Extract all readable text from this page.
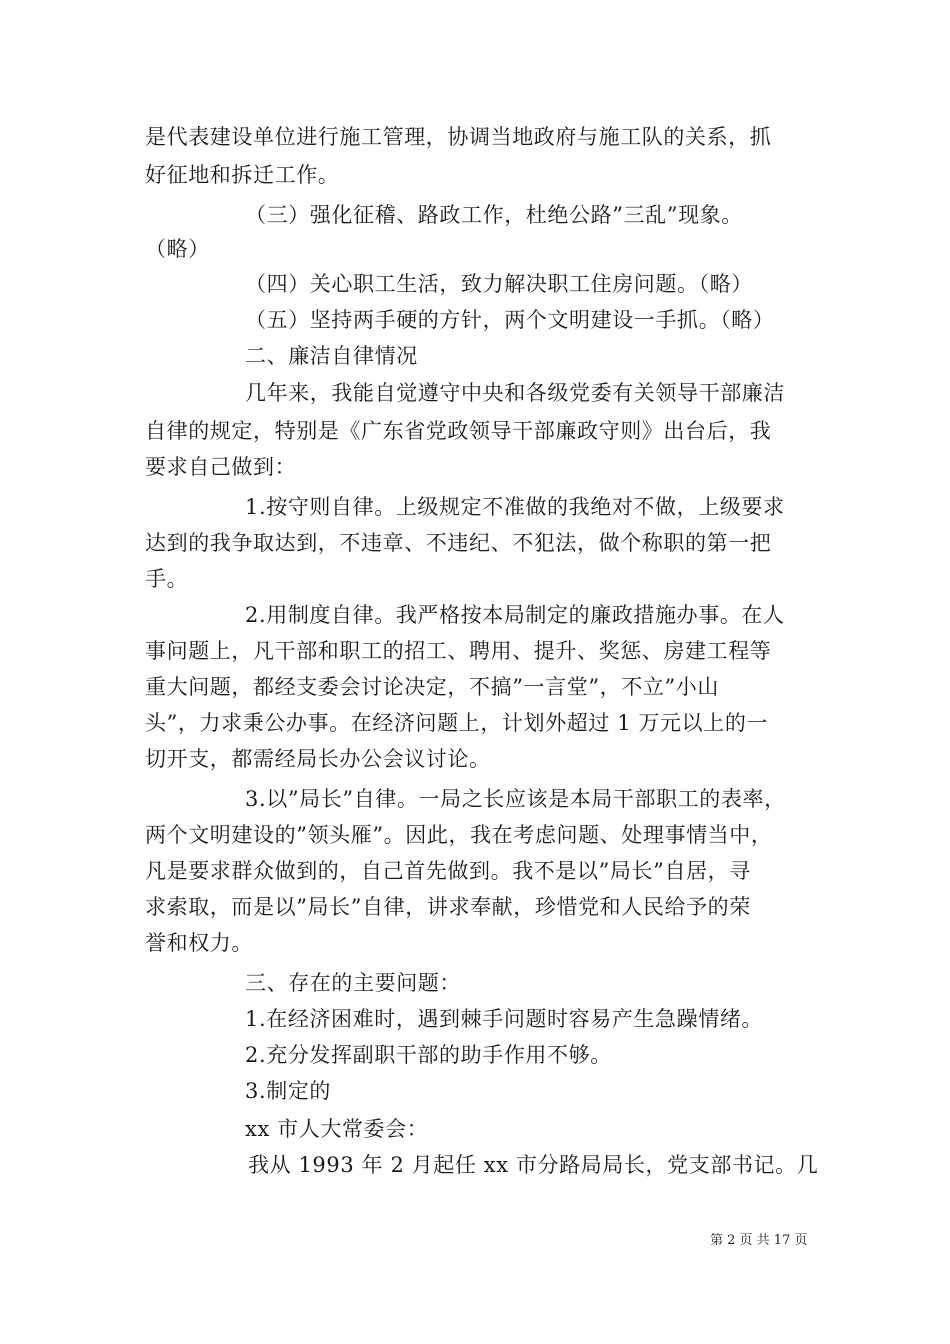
是代表建设单位进行施工管理，协调当地政府与施工队的关系，抓
好征地和拆迁工作。
（三）强化征稽、路政工作，杜绝公路”三乱”现象。
（略）
（四）关心职工生活，致力解决职工住房问题。（略）
（五）坚持两手硬的方针，两个文明建设一手抓。（略）
二、廉洁自律情况
几年来，我能自觉遵守中央和各级党委有关领导干部廉洁
自律的规定，特别是《广东省党政领导干部廉政守则》出台后，我
要求自己做到：
1.按守则自律。上级规定不准做的我绝对不做，上级要求
达到的我争取达到，不违章、不违纪、不犯法，做个称职的第一把
手。
2.用制度自律。我严格按本局制定的廉政措施办事。在人
事问题上，凡干部和职工的招工、聘用、提升、奖惩、房建工程等
重大问题，都经支委会讨论决定，不搞”一言堂”，不立”小山
头”，力求秉公办事。在经济问题上，计划外超过 1 万元以上的一
切开支，都需经局长办公会议讨论。
3.以”局长”自律。一局之长应该是本局干部职工的表率，
两个文明建设的”领头雁”。因此，我在考虑问题、处理事情当中，
凡是要求群众做到的，自己首先做到。我不是以”局长”自居，寻
求索取，而是以”局长”自律，讲求奉献，珍惜党和人民给予的荣
誉和权力。
三、存在的主要问题：
1.在经济困难时，遇到棘手问题时容易产生急躁情绪。
2.充分发挥副职干部的助手作用不够。
3.制定的
xx 市人大常委会：
我从 1993 年 2 月起任 xx 市分路局局长，党支部书记。几
第 2 页 共 17 页
